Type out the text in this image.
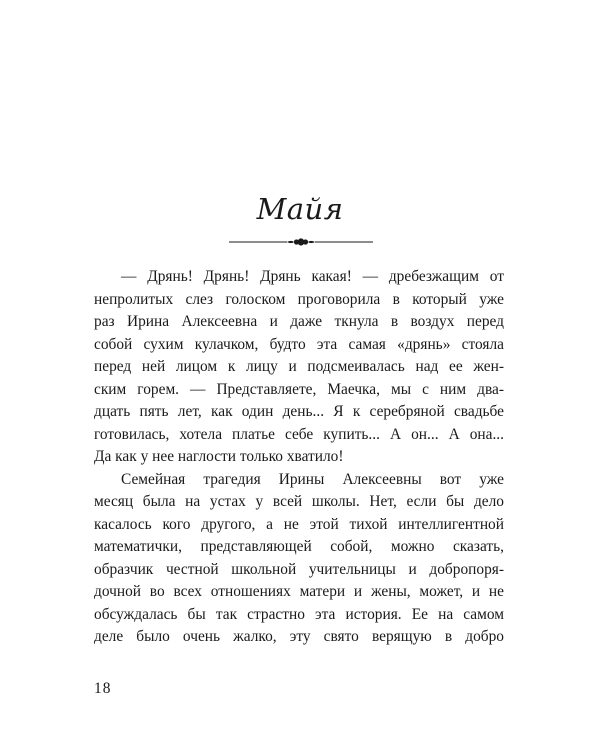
Майя
— Дрянь! Дрянь! Дрянь какая! — дребезжащим от
непролитых слез голоском проговорила в который уже
раз Ирина Алексеевна и даже ткнула в воздух перед
собой сухим кулачком, будто эта самая «дрянь» стояла
перед ней лицом к лицу и подсмеивалась над ее жен-
ским горем. — Представляете, Маечка, мы с ним два-
дцать пять лет, как один день... Я к серебряной свадьбе
готовилась, хотела платье себе купить... А он... А она...
Да как у нее наглости только хватило!
Семейная трагедия Ирины Алексеевны вот уже
месяц была на устах у всей школы. Нет, если бы дело
касалось кого другого, а не этой тихой интеллигентной
математички, представляющей собой, можно сказать,
образчик честной школьной учительницы и добропоря-
дочной во всех отношениях матери и жены, может, и не
обсуждалась бы так страстно эта история. Ее на самом
деле было очень жалко, эту свято верящую в добро
18
